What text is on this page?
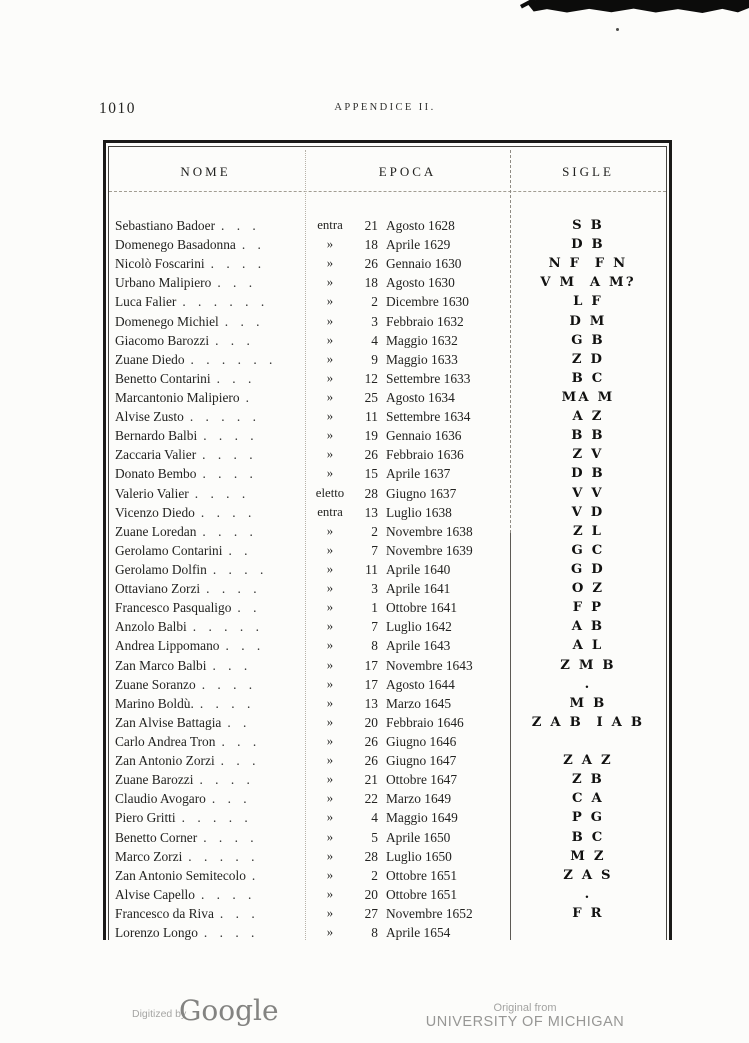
1010	APPENDICE II.
NOME	EPOCA	SIGLE
Sebastiano Badoer . . .	entra	21 Agosto 1628	S B
Domenego Basadonna . .	»	18 Aprile 1629	D B
Nicolò Foscarini . . . .	»	26 Gennaio 1630	N F  F N
Urbano Malipiero . . .	»	18 Agosto 1630	V M  A M?
Luca Falier . . . . . .	»	2 Dicembre 1630	L F
Domenego Michiel . . .	»	3 Febbraio 1632	D M
Giacomo Barozzi . . .	»	4 Maggio 1632	G B
Zuane Diedo . . . . . .	»	9 Maggio 1633	Z D
Benetto Contarini . . .	»	12 Settembre 1633	B C
Marcantonio Malipiero .	»	25 Agosto 1634	MA M
Alvise Zusto . . . . .	»	11 Settembre 1634	A Z
Bernardo Balbi . . . .	»	19 Gennaio 1636	B B
Zaccaria Valier . . . .	»	26 Febbraio 1636	Z V
Donato Bembo . . . .	»	15 Aprile 1637	D B
Valerio Valier . . . .	eletto	28 Giugno 1637	V V
Vicenzo Diedo . . . .	entra	13 Luglio 1638	V D
Zuane Loredan . . . .	»	2 Novembre 1638	Z L
Gerolamo Contarini . .	»	7 Novembre 1639	G C
Gerolamo Dolfin . . . .	»	11 Aprile 1640	G D
Ottaviano Zorzi . . . .	»	3 Aprile 1641	O Z
Francesco Pasqualigo . .	»	1 Ottobre 1641	F P
Anzolo Balbi . . . . .	»	7 Luglio 1642	A B
Andrea Lippomano . . .	»	8 Aprile 1643	A L
Zan Marco Balbi . . .	»	17 Novembre 1643	Z M B
Zuane Soranzo . . . .	»	17 Agosto 1644	.
Marino Boldù. . . . .	»	13 Marzo 1645	M B
Zan Alvise Battagia . .	»	20 Febbraio 1646	Z A B  I A B
Carlo Andrea Tron . . .	»	26 Giugno 1646
Zan Antonio Zorzi . . .	»	26 Giugno 1647	Z A Z
Zuane Barozzi . . . .	»	21 Ottobre 1647	Z B
Claudio Avogaro . . .	»	22 Marzo 1649	C A
Piero Gritti . . . . .	»	4 Maggio 1649	P G
Benetto Corner . . . .	»	5 Aprile 1650	B C
Marco Zorzi . . . . .	»	28 Luglio 1650	M Z
Zan Antonio Semitecolo .	»	2 Ottobre 1651	Z A S
Alvise Capello . . . .	»	20 Ottobre 1651	.
Francesco da Riva . . .	»	27 Novembre 1652	F R
Lorenzo Longo . . . .	»	8 Aprile 1654
Digitized by
Google	Original from
UNIVERSITY OF MICHIGAN
